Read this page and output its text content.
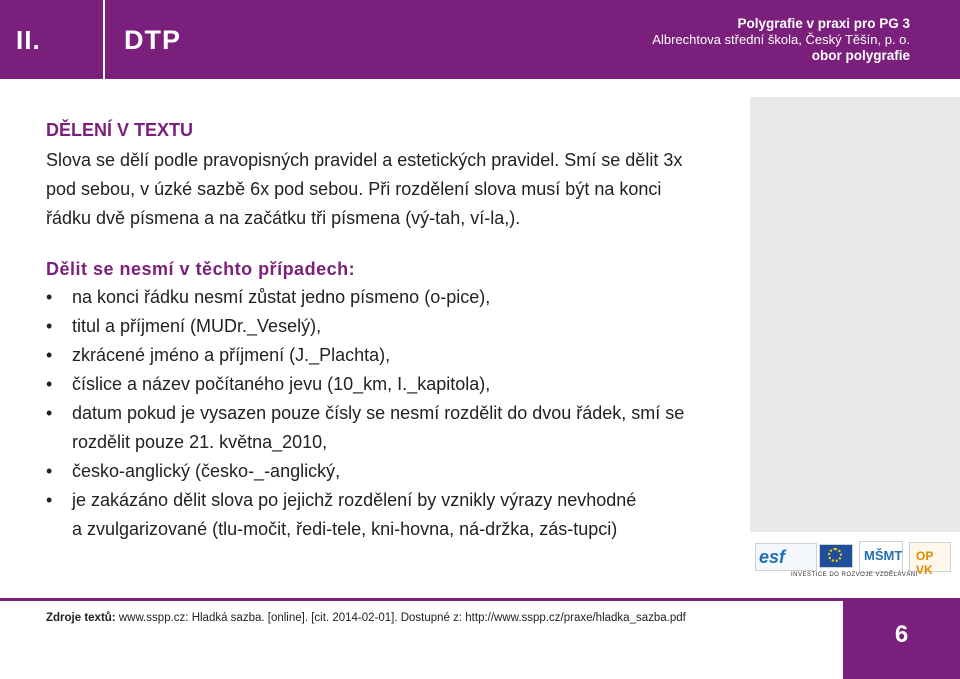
II.	DTP
Polygrafie v praxi pro PG 3
Albrechtova střední škola, Český Těšín, p. o.
obor polygrafie

DĚLENÍ V TEXTU

Slova se dělí podle pravopisných pravidel a estetických pravidel. Smí se dělit 3x
pod sebou, v úzké sazbě 6x pod sebou. Při rozdělení slova musí být na konci
řádku dvě písmena a na začátku tři písmena (vý-tah, ví-la,).

Dělit se nesmí v těchto případech:

• na konci řádku nesmí zůstat jedno písmeno (o-pice),
• titul a příjmení (MUDr._Veselý),
• zkrácené jméno a příjmení (J._Plachta),
• číslice a název počítaného jevu (10_km, I._kapitola),
• datum pokud je vysazen pouze čísly se nesmí rozdělit do dvou řádek, smí se
rozdělit pouze 21. května_2010,
• česko-anglický (česko-_-anglický,
• je zakázáno dělit slova po jejichž rozdělení by vznikly výrazy nevhodné
a zvulgarizované (tlu-močit, ředi-tele, kni-hovna, ná-držka, zás-tupci)
esf	MŠMT OP VK
INVESTICE DO ROZVOJE VZDĚLÁVÁNÍ
Zdroje textů: www.sspp.cz: Hladká sazba. [online]. [cit. 2014-02-01]. Dostupné z: http://www.sspp.cz/praxe/hladka_sazba.pdf
6
